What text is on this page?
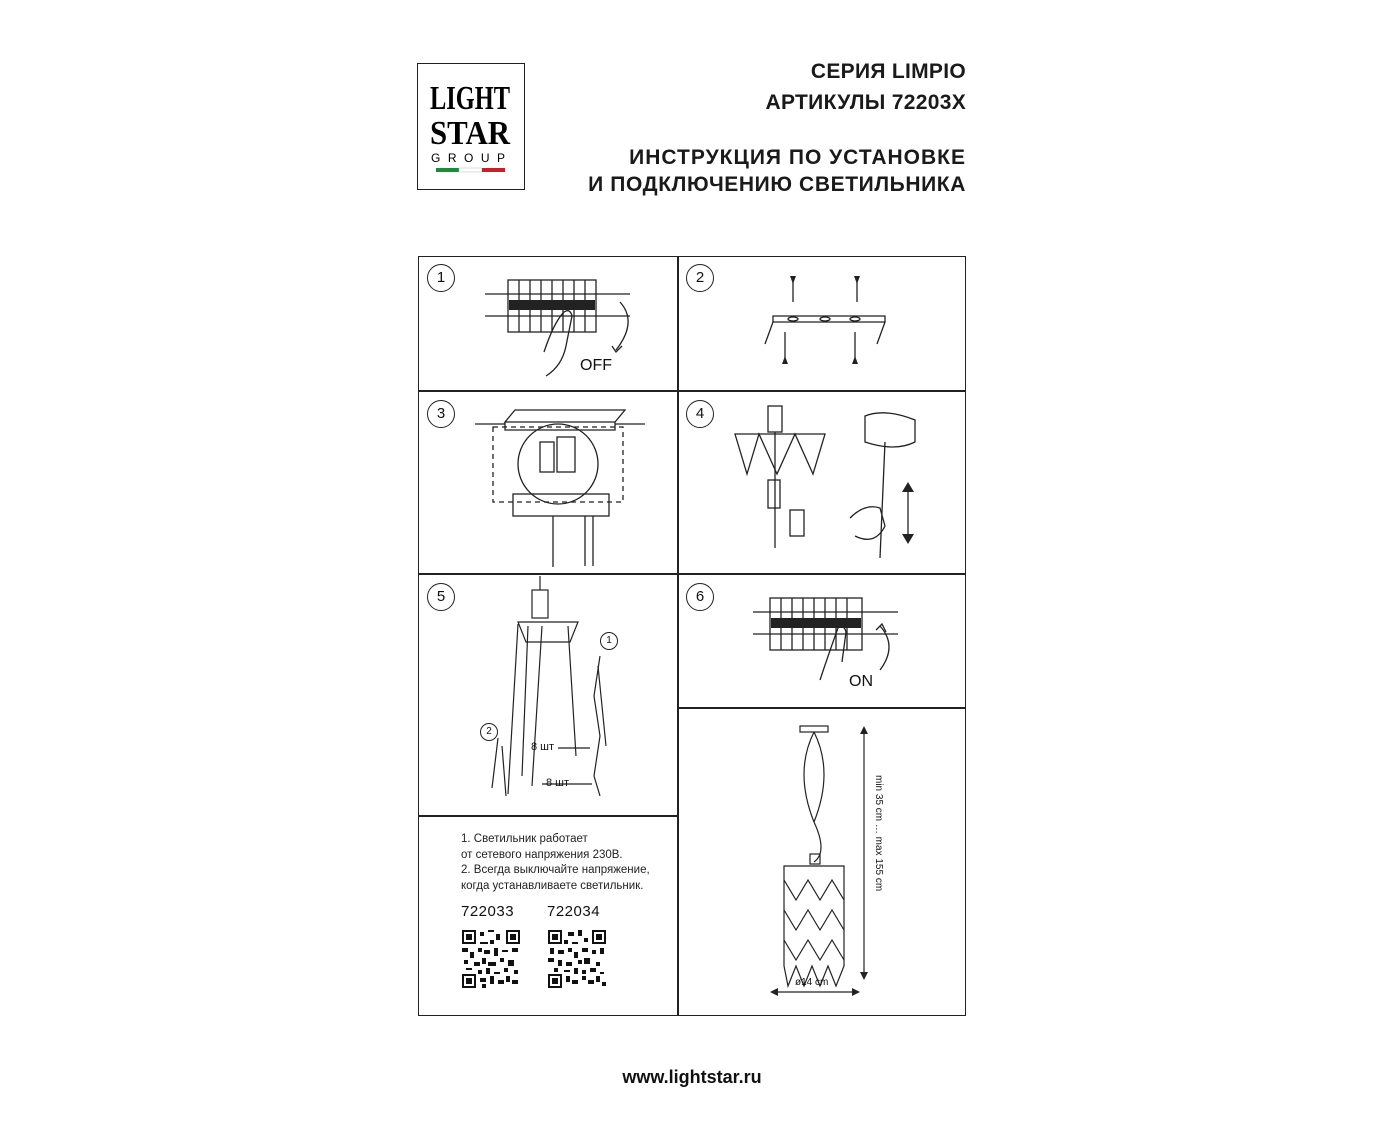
LIGHT
STAR
GROUP
СЕРИЯ LIMPIO
АРТИКУЛЫ 72203X
ИНСТРУКЦИЯ ПО УСТАНОВКЕ
И ПОДКЛЮЧЕНИЮ СВЕТИЛЬНИКА
1	2
3	4
5	6
OFF
1
2
8 шт
8 шт
ON
min 35 cm … max 155 cm
ø14 cm
1. Светильник работает
от сетевого напряжения 230В.
2. Всегда выключайте напряжение,
когда устанавливаете светильник.
722033 722034
www.lightstar.ru
